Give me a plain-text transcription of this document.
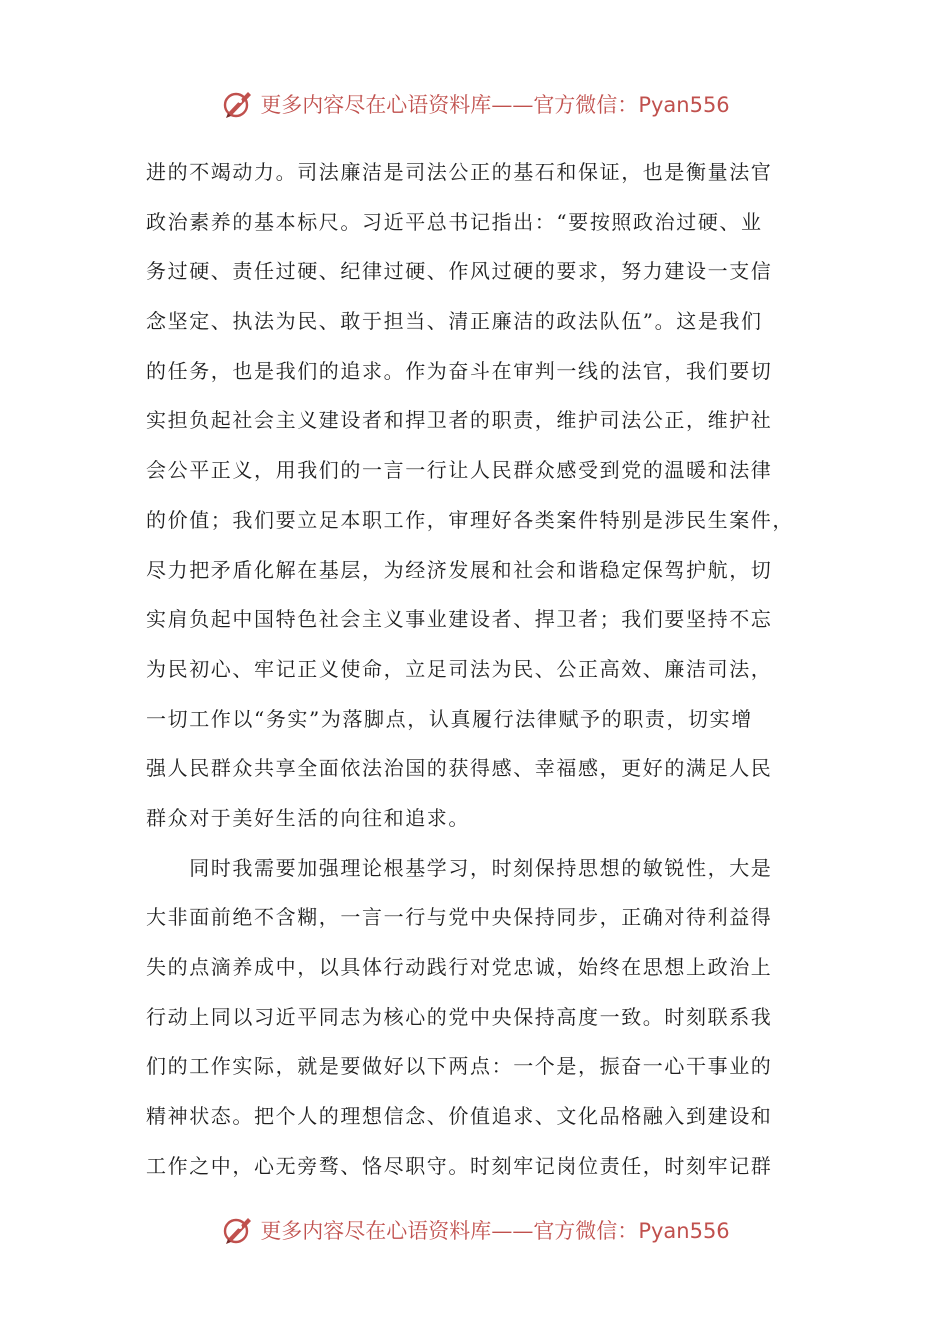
更多内容尽在心语资料库——官方微信：Pyan556
进的不竭动力。司法廉洁是司法公正的基石和保证，也是衡量法官
政治素养的基本标尺。习近平总书记指出：“要按照政治过硬、业
务过硬、责任过硬、纪律过硬、作风过硬的要求，努力建设一支信
念坚定、执法为民、敢于担当、清正廉洁的政法队伍”。这是我们
的任务，也是我们的追求。作为奋斗在审判一线的法官，我们要切
实担负起社会主义建设者和捍卫者的职责，维护司法公正，维护社
会公平正义，用我们的一言一行让人民群众感受到党的温暖和法律
的价值；我们要立足本职工作，审理好各类案件特别是涉民生案件，
尽力把矛盾化解在基层，为经济发展和社会和谐稳定保驾护航，切
实肩负起中国特色社会主义事业建设者、捍卫者；我们要坚持不忘
为民初心、牢记正义使命，立足司法为民、公正高效、廉洁司法，
一切工作以“务实”为落脚点，认真履行法律赋予的职责，切实增
强人民群众共享全面依法治国的获得感、幸福感，更好的满足人民
群众对于美好生活的向往和追求。
　　同时我需要加强理论根基学习，时刻保持思想的敏锐性，大是
大非面前绝不含糊，一言一行与党中央保持同步，正确对待利益得
失的点滴养成中，以具体行动践行对党忠诚，始终在思想上政治上
行动上同以习近平同志为核心的党中央保持高度一致。时刻联系我
们的工作实际，就是要做好以下两点：一个是，振奋一心干事业的
精神状态。把个人的理想信念、价值追求、文化品格融入到建设和
工作之中，心无旁骛、恪尽职守。时刻牢记岗位责任，时刻牢记群
更多内容尽在心语资料库——官方微信：Pyan556
